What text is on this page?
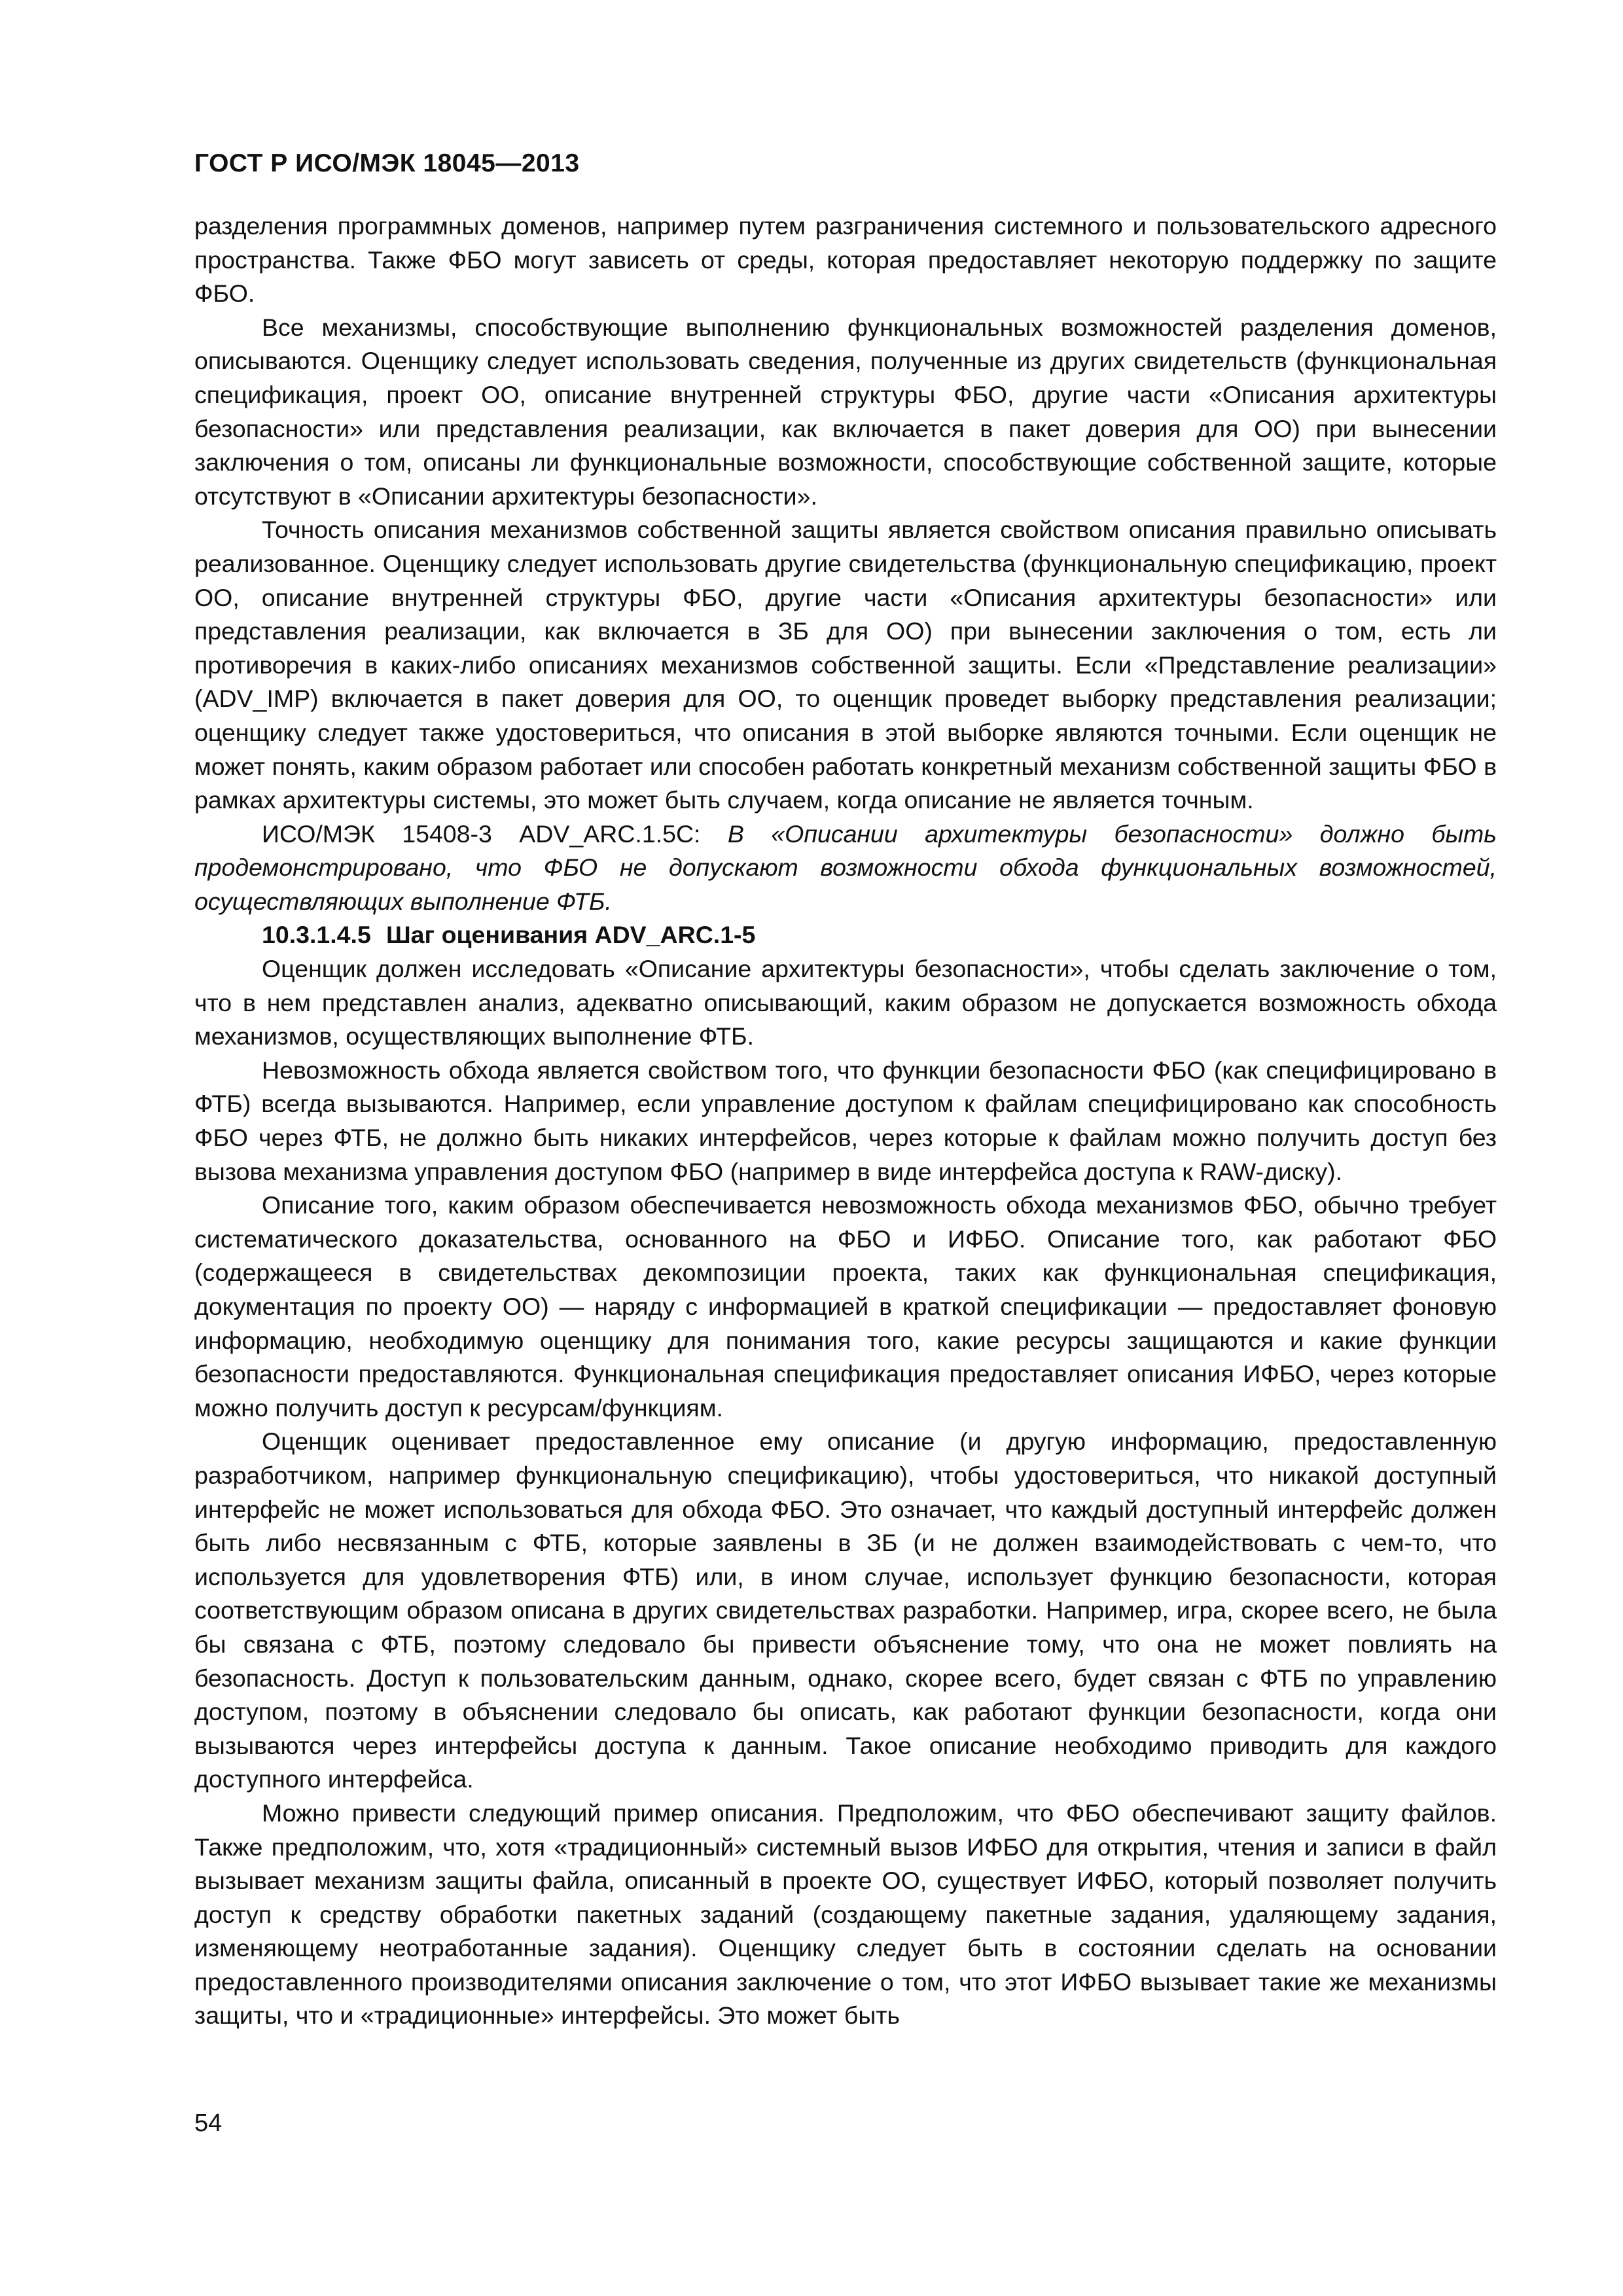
ГОСТ Р ИСО/МЭК 18045—2013

разделения программных доменов, например путем разграничения системного и пользовательского адресного пространства. Также ФБО могут зависеть от среды, которая предоставляет некоторую поддержку по защите ФБО.

Все механизмы, способствующие выполнению функциональных возможностей разделения доменов, описываются. Оценщику следует использовать сведения, полученные из других свидетельств (функциональная спецификация, проект ОО, описание внутренней структуры ФБО, другие части «Описания архитектуры безопасности» или представления реализации, как включается в пакет доверия для ОО) при вынесении заключения о том, описаны ли функциональные возможности, способствующие собственной защите, которые отсутствуют в «Описании архитектуры безопасности».

Точность описания механизмов собственной защиты является свойством описания правильно описывать реализованное. Оценщику следует использовать другие свидетельства (функциональную спецификацию, проект ОО, описание внутренней структуры ФБО, другие части «Описания архитектуры безопасности» или представления реализации, как включается в ЗБ для ОО) при вынесении заключения о том, есть ли противоречия в каких-либо описаниях механизмов собственной защиты. Если «Представление реализации» (ADV_IMP) включается в пакет доверия для ОО, то оценщик проведет выборку представления реализации; оценщику следует также удостовериться, что описания в этой выборке являются точными. Если оценщик не может понять, каким образом работает или способен работать конкретный механизм собственной защиты ФБО в рамках архитектуры системы, это может быть случаем, когда описание не является точным.

ИСО/МЭК 15408-3 ADV_ARC.1.5C: В «Описании архитектуры безопасности» должно быть продемонстрировано, что ФБО не допускают возможности обхода функциональных возможностей, осуществляющих выполнение ФТБ.

10.3.1.4.5 Шаг оценивания ADV_ARC.1-5

Оценщик должен исследовать «Описание архитектуры безопасности», чтобы сделать заключение о том, что в нем представлен анализ, адекватно описывающий, каким образом не допускается возможность обхода механизмов, осуществляющих выполнение ФТБ.

Невозможность обхода является свойством того, что функции безопасности ФБО (как специфицировано в ФТБ) всегда вызываются. Например, если управление доступом к файлам специфицировано как способность ФБО через ФТБ, не должно быть никаких интерфейсов, через которые к файлам можно получить доступ без вызова механизма управления доступом ФБО (например в виде интерфейса доступа к RAW-диску).

Описание того, каким образом обеспечивается невозможность обхода механизмов ФБО, обычно требует систематического доказательства, основанного на ФБО и ИФБО. Описание того, как работают ФБО (содержащееся в свидетельствах декомпозиции проекта, таких как функциональная спецификация, документация по проекту ОО) — наряду с информацией в краткой спецификации — предоставляет фоновую информацию, необходимую оценщику для понимания того, какие ресурсы защищаются и какие функции безопасности предоставляются. Функциональная спецификация предоставляет описания ИФБО, через которые можно получить доступ к ресурсам/функциям.

Оценщик оценивает предоставленное ему описание (и другую информацию, предоставленную разработчиком, например функциональную спецификацию), чтобы удостовериться, что никакой доступный интерфейс не может использоваться для обхода ФБО. Это означает, что каждый доступный интерфейс должен быть либо несвязанным с ФТБ, которые заявлены в ЗБ (и не должен взаимодействовать с чем-то, что используется для удовлетворения ФТБ) или, в ином случае, использует функцию безопасности, которая соответствующим образом описана в других свидетельствах разработки. Например, игра, скорее всего, не была бы связана с ФТБ, поэтому следовало бы привести объяснение тому, что она не может повлиять на безопасность. Доступ к пользовательским данным, однако, скорее всего, будет связан с ФТБ по управлению доступом, поэтому в объяснении следовало бы описать, как работают функции безопасности, когда они вызываются через интерфейсы доступа к данным. Такое описание необходимо приводить для каждого доступного интерфейса.

Можно привести следующий пример описания. Предположим, что ФБО обеспечивают защиту файлов. Также предположим, что, хотя «традиционный» системный вызов ИФБО для открытия, чтения и записи в файл вызывает механизм защиты файла, описанный в проекте ОО, существует ИФБО, который позволяет получить доступ к средству обработки пакетных заданий (создающему пакетные задания, удаляющему задания, изменяющему неотработанные задания). Оценщику следует быть в состоянии сделать на основании предоставленного производителями описания заключение о том, что этот ИФБО вызывает такие же механизмы защиты, что и «традиционные» интерфейсы. Это может быть

54
